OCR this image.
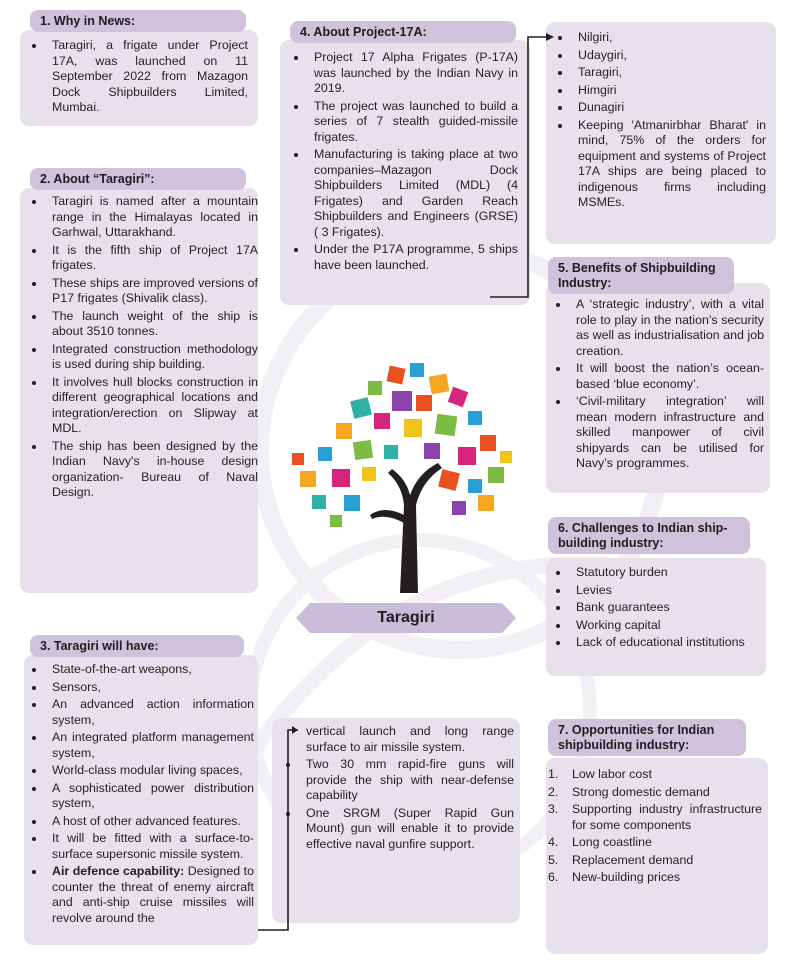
1. Why in News:
Taragiri, a frigate under Project 17A, was launched on 11 September 2022 from Mazagon Dock Shipbuilders Limited, Mumbai.
2. About “Taragiri”:
Taragiri is named after a mountain range in the Himalayas located in Garhwal, Uttarakhand.
It is the fifth ship of Project 17A frigates.
These ships are improved versions of P17 frigates (Shivalik class).
The launch weight of the ship is about 3510 tonnes.
Integrated construction methodology is used during ship building.
It involves hull blocks construction in different geographical locations and integration/erection on Slipway at MDL.
The ship has been designed by the Indian Navy's in-house design organization- Bureau of Naval Design.
3. Taragiri will have:
State-of-the-art weapons,
Sensors,
An advanced action information system,
An integrated platform management system,
World-class modular living spaces,
A sophisticated power distribution system,
A host of other advanced features.
It will be fitted with a surface-to-surface supersonic missile system.
Air defence capability: Designed to counter the threat of enemy aircraft and anti-ship cruise missiles will revolve around the

vertical launch and long range surface to air missile system.

Two 30 mm rapid-fire guns will provide the ship with near-defense capability
One SRGM (Super Rapid Gun Mount) gun will enable it to provide effective naval gunfire support.
4. About Project-17A:
Project 17 Alpha Frigates (P-17A) was launched by the Indian Navy in 2019.
The project was launched to build a series of 7 stealth guided-missile frigates.
Manufacturing is taking place at two companies–Mazagon Dock Shipbuilders Limited (MDL) (4 Frigates) and Garden Reach Shipbuilders and Engineers (GRSE) ( 3 Frigates).
Under the P17A programme, 5 ships have been launched.
Nilgiri,
Udaygiri,
Taragiri,
Himgiri
Dunagiri
Keeping 'Atmanirbhar Bharat' in mind, 75% of the orders for equipment and systems of Project 17A ships are being placed to indigenous firms including MSMEs.
5. Benefits of Shipbuilding Industry:
A ‘strategic industry’, with a vital role to play in the nation’s security as well as industrialisation and job creation.
It will boost the nation’s ocean-based ‘blue economy’.
‘Civil-military integration’ will mean modern infrastructure and skilled manpower of civil shipyards can be utilised for Navy’s programmes.
6. Challenges to Indian ship-building industry:
Statutory burden
Levies
Bank guarantees
Working capital
Lack of educational institutions
7. Opportunities for Indian shipbuilding industry:
1. Low labor cost
2. Strong domestic demand
3. Supporting industry infrastructure for some components
4. Long coastline
5. Replacement demand
6. New-building prices
Taragiri
